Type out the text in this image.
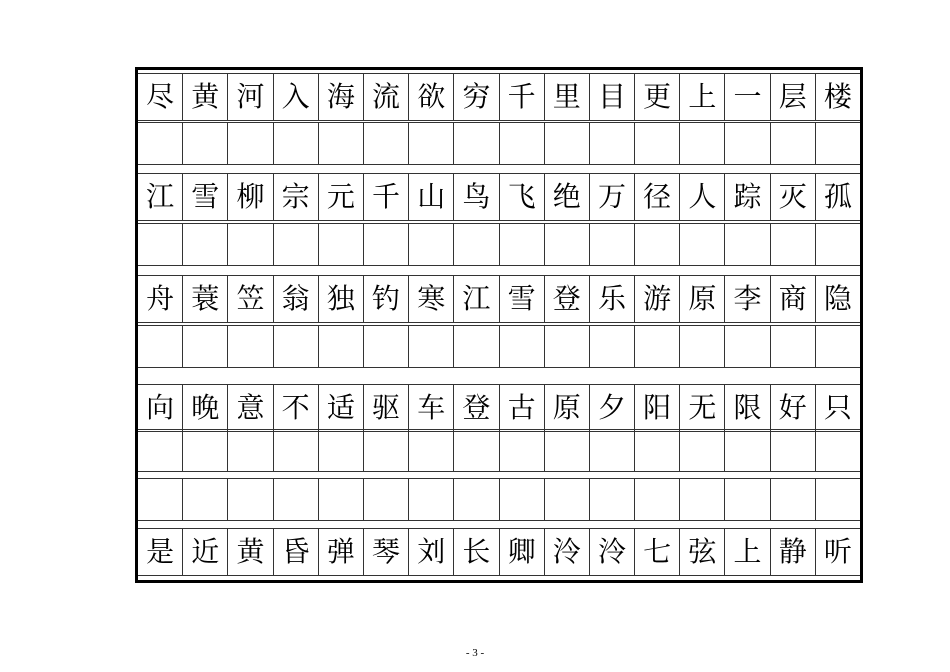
尽 黄 河 入 海 流 欲 穷 千 里 目 更 上 一 层 楼
江 雪 柳 宗 元 千 山 鸟 飞 绝 万 径 人 踪 灭 孤
舟 蓑 笠 翁 独 钓 寒 江 雪 登 乐 游 原 李 商 隐
向 晚 意 不 适 驱 车 登 古 原 夕 阳 无 限 好 只
是 近 黄 昏 弹 琴 刘 长 卿 泠 泠 七 弦 上 静 听
- 3 -
